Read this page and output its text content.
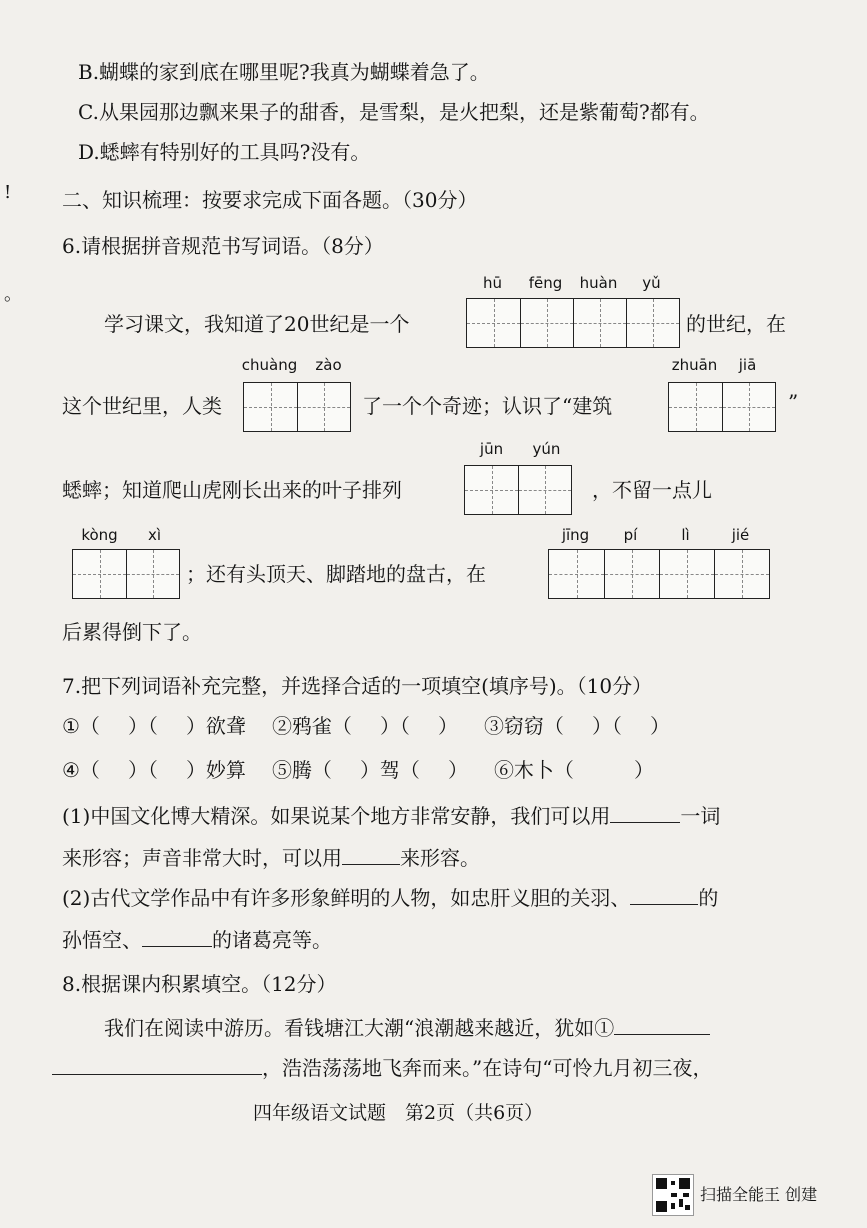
!
。
B.蝴蝶的家到底在哪里呢?我真为蝴蝶着急了。
C.从果园那边飘来果子的甜香，是雪梨，是火把梨，还是紫葡萄?都有。
D.蟋蟀有特别好的工具吗?没有。
二、知识梳理：按要求完成下面各题。（30分）
6.请根据拼音规范书写词语。（8分）
hū fēng huàn yǔ
学习课文，我知道了20世纪是一个	的世纪，在
chuàng zào
这个世纪里，人类	了一个个奇迹；认识了“建筑
zhuān jiā
”
jūn yún
蟋蟀；知道爬山虎刚长出来的叶子排列	，不留一点儿
kòng xì
；还有头顶天、脚踏地的盘古，在
jīng pí	lì	jié
后累得倒下了。
7.把下列词语补充完整，并选择合适的一项填空(填序号)。（10分）
①（ ）（ ）欲聋 ②鸦雀（ ）（ ） ③窃窃（ ）（ ）
④（ ）（ ）妙算 ⑤腾（ ）驾（ ） ⑥木卜（	）
(1)中国文化博大精深。如果说某个地方非常安静，我们可以用	一词
来形容；声音非常大时，可以用	来形容。
(2)古代文学作品中有许多形象鲜明的人物，如忠肝义胆的关羽、	的
孙悟空、	的诸葛亮等。
8.根据课内积累填空。（12分）
我们在阅读中游历。看钱塘江大潮“浪潮越来越近，犹如①
，浩浩荡荡地飞奔而来。”在诗句“可怜九月初三夜，
四年级语文试题　第2页（共6页）
扫描全能王 创建
